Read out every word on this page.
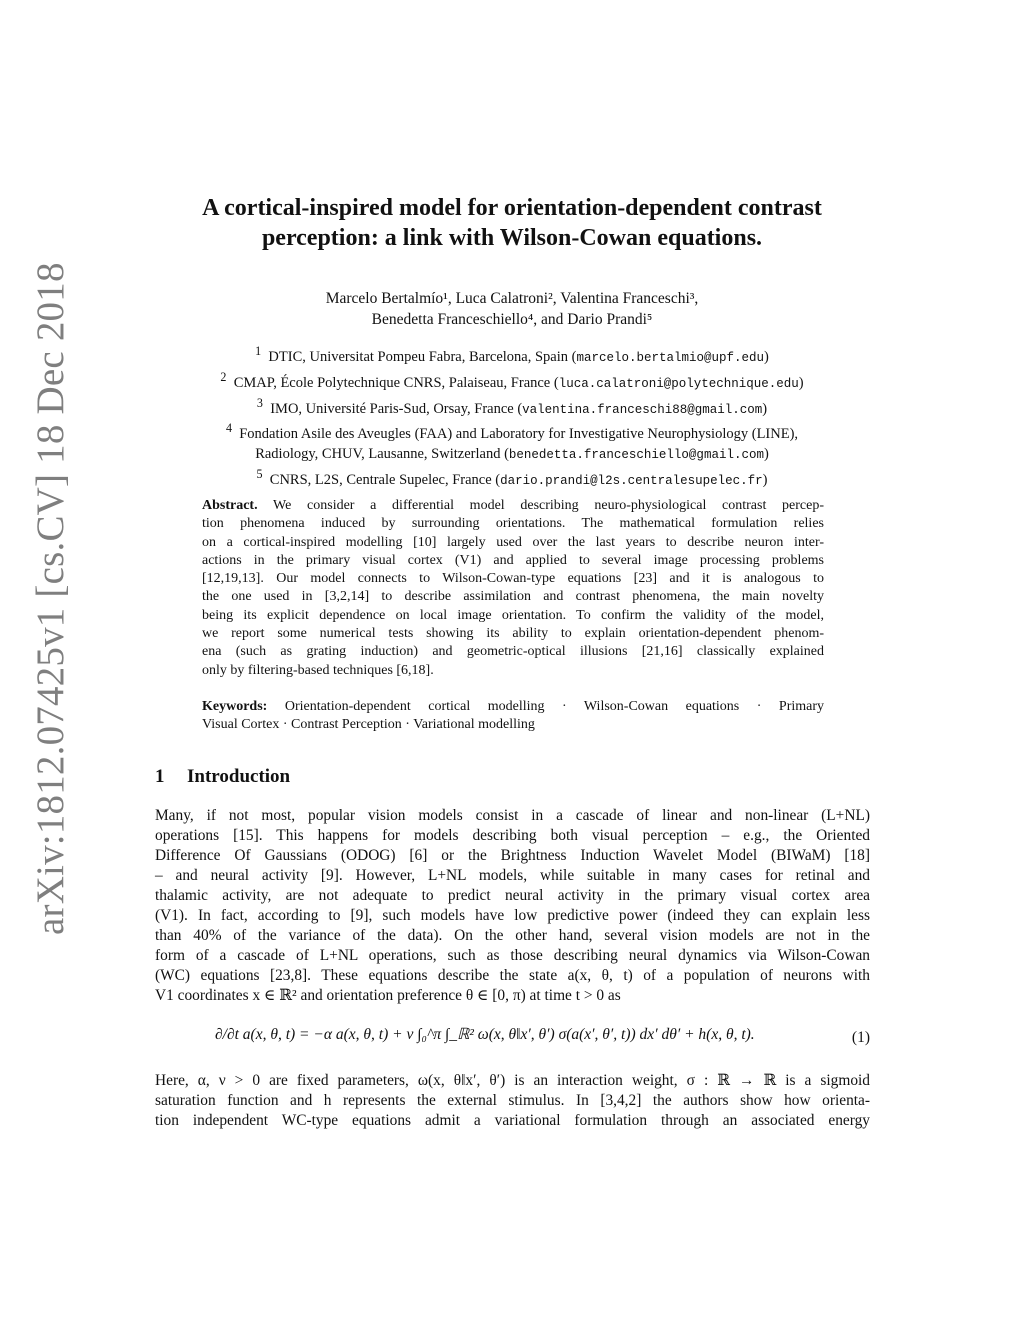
arXiv:1812.07425v1 [cs.CV] 18 Dec 2018
A cortical-inspired model for orientation-dependent contrast
perception: a link with Wilson-Cowan equations.
Marcelo Bertalmío¹, Luca Calatroni², Valentina Franceschi³,
Benedetta Franceschiello⁴, and Dario Prandi⁵
$^1$ DTIC, Universitat Pompeu Fabra, Barcelona, Spain (marcelo.bertalmio@upf.edu)
$^2$ CMAP, École Polytechnique CNRS, Palaiseau, France (luca.calatroni@polytechnique.edu)
$^3$ IMO, Université Paris-Sud, Orsay, France (valentina.franceschi88@gmail.com)
$^4$ Fondation Asile des Aveugles (FAA) and Laboratory for Investigative Neurophysiology (LINE),
Radiology, CHUV, Lausanne, Switzerland (benedetta.franceschiello@gmail.com)
$^5$ CNRS, L2S, Centrale Supelec, France (dario.prandi@l2s.centralesupelec.fr)
Abstract. We consider a differential model describing neuro-physiological contrast percep-
tion phenomena induced by surrounding orientations. The mathematical formulation relies
on a cortical-inspired modelling [10] largely used over the last years to describe neuron inter-
actions in the primary visual cortex (V1) and applied to several image processing problems
[12,19,13]. Our model connects to Wilson-Cowan-type equations [23] and it is analogous to
the one used in [3,2,14] to describe assimilation and contrast phenomena, the main novelty
being its explicit dependence on local image orientation. To confirm the validity of the model,
we report some numerical tests showing its ability to explain orientation-dependent phenom-
ena (such as grating induction) and geometric-optical illusions [21,16] classically explained
only by filtering-based techniques [6,18].
Keywords: Orientation-dependent cortical modelling · Wilson-Cowan equations · Primary
Visual Cortex · Contrast Perception · Variational modelling
1 Introduction
Many, if not most, popular vision models consist in a cascade of linear and non-linear (L+NL)
operations [15]. This happens for models describing both visual perception – e.g., the Oriented
Difference Of Gaussians (ODOG) [6] or the Brightness Induction Wavelet Model (BIWaM) [18]
– and neural activity [9]. However, L+NL models, while suitable in many cases for retinal and
thalamic activity, are not adequate to predict neural activity in the primary visual cortex area
(V1). In fact, according to [9], such models have low predictive power (indeed they can explain less
than 40% of the variance of the data). On the other hand, several vision models are not in the
form of a cascade of L+NL operations, such as those describing neural dynamics via Wilson-Cowan
(WC) equations [23,8]. These equations describe the state a(x, θ, t) of a population of neurons with
V1 coordinates x ∈ ℝ² and orientation preference θ ∈ [0, π) at time t > 0 as
∂/∂t a(x, θ, t) = −α a(x, θ, t) + ν ∫₀^π ∫_ℝ² ω(x, θ‖x′, θ′) σ(a(x′, θ′, t)) dx′ dθ′ + h(x, θ, t).	(1)
Here, α, ν > 0 are fixed parameters, ω(x, θ‖x′, θ′) is an interaction weight, σ : ℝ → ℝ is a sigmoid
saturation function and h represents the external stimulus. In [3,4,2] the authors show how orienta-
tion independent WC-type equations admit a variational formulation through an associated energy
